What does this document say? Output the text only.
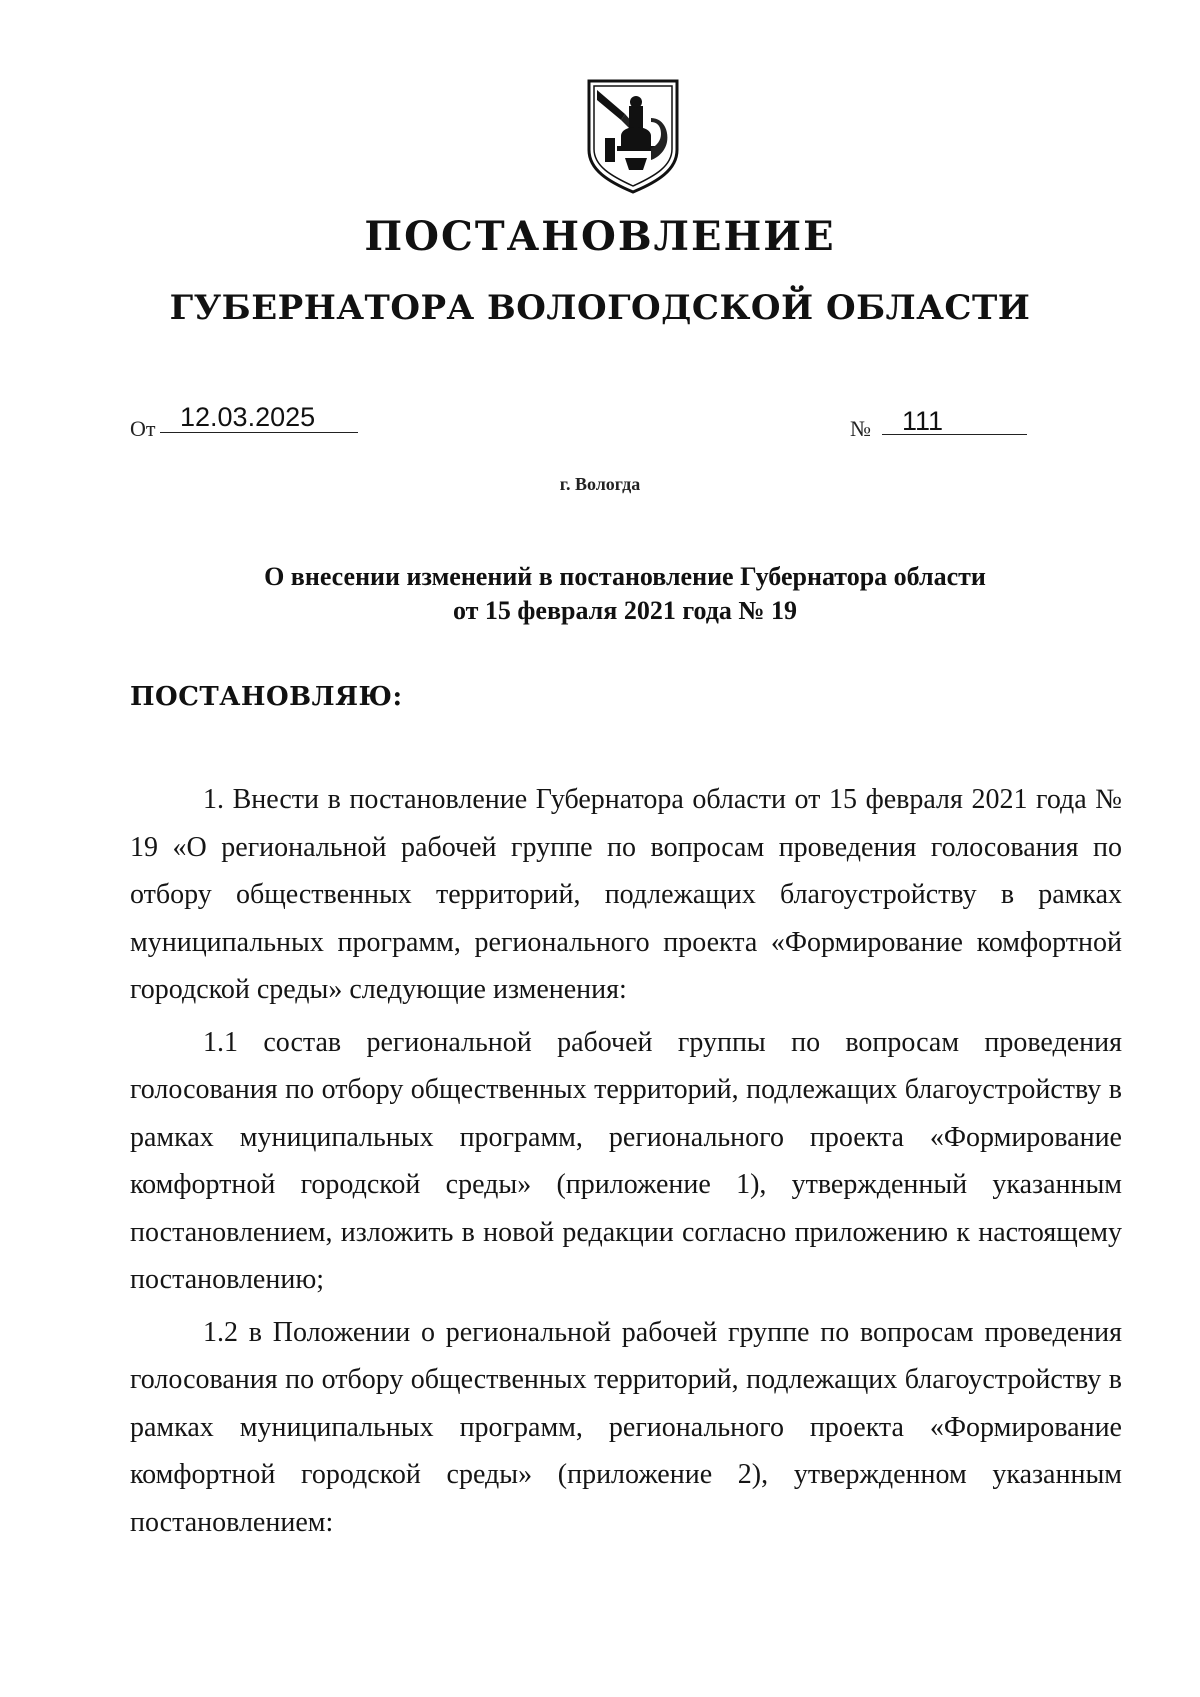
ПОСТАНОВЛЕНИЕ
ГУБЕРНАТОРА ВОЛОГОДСКОЙ ОБЛАСТИ
От 12.03.2025	№ 111
г. Вологда
О внесении изменений в постановление Губернатора области
от 15 февраля 2021 года № 19
ПОСТАНОВЛЯЮ:

1. Внести в постановление Губернатора области от 15 февраля 2021 года № 19 «О региональной рабочей группе по вопросам проведения голосования по отбору общественных территорий, подлежащих благоустройству в рамках муниципальных программ, регионального проекта «Формирование комфортной городской среды» следующие изменения:

1.1 состав региональной рабочей группы по вопросам проведения голосования по отбору общественных территорий, подлежащих благоустройству в рамках муниципальных программ, регионального проекта «Формирование комфортной городской среды» (приложение 1), утвержденный указанным постановлением, изложить в новой редакции согласно приложению к настоящему постановлению;

1.2 в Положении о региональной рабочей группе по вопросам проведения голосования по отбору общественных территорий, подлежащих благоустройству в рамках муниципальных программ, регионального проекта «Формирование комфортной городской среды» (приложение 2), утвержденном указанным постановлением:
